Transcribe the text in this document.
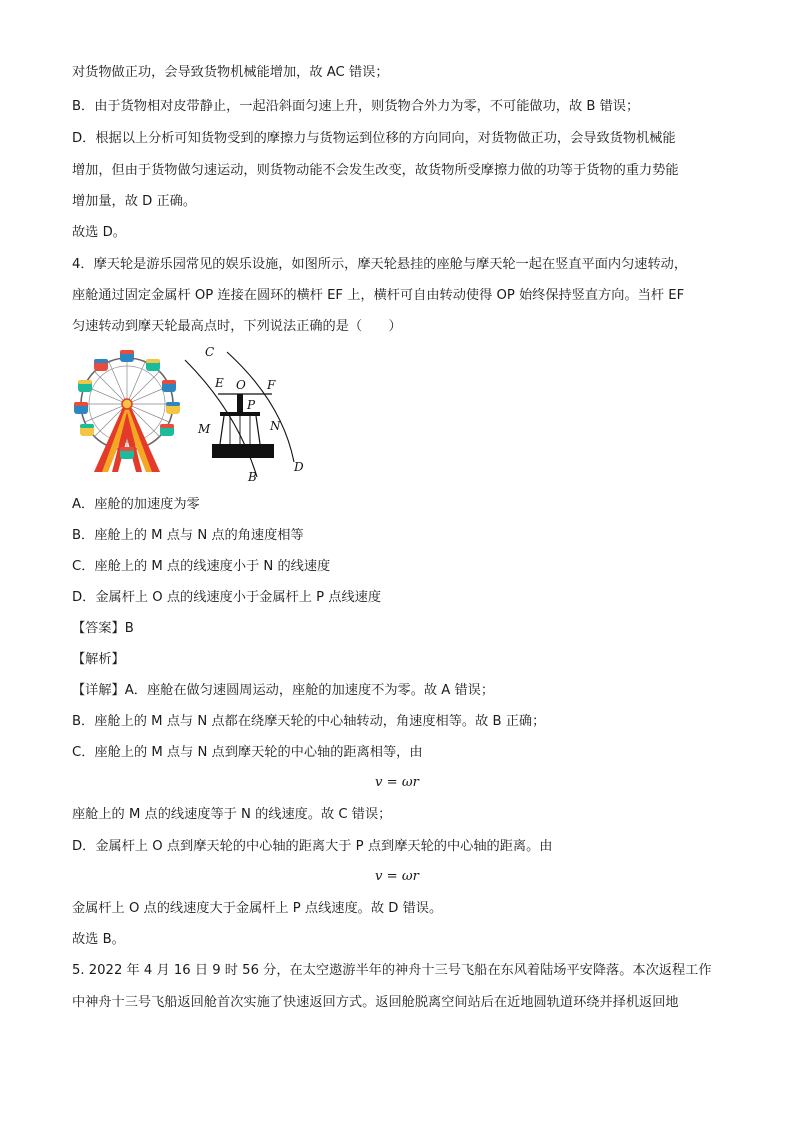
对货物做正功，会导致货物机械能增加，故 AC 错误；
B．由于货物相对皮带静止，一起沿斜面匀速上升，则货物合外力为零，不可能做功，故 B 错误；
D．根据以上分析可知货物受到的摩擦力与货物运到位移的方向同向，对货物做正功，会导致货物机械能
增加，但由于货物做匀速运动，则货物动能不会发生改变，故货物所受摩擦力做的功等于货物的重力势能
增加量，故 D 正确。
故选 D。
4．摩天轮是游乐园常见的娱乐设施，如图所示，摩天轮悬挂的座舱与摩天轮一起在竖直平面内匀速转动，
座舱通过固定金属杆 OP 连接在圆环的横杆 EF 上，横杆可自由转动使得 OP 始终保持竖直方向。当杆 EF
匀速转动到摩天轮最高点时，下列说法正确的是（　　）
C
E O F
P
M	N
B
D
A．座舱的加速度为零
B．座舱上的 M 点与 N 点的角速度相等
C．座舱上的 M 点的线速度小于 N 的线速度
D．金属杆上 O 点的线速度小于金属杆上 P 点线速度
【答案】B
【解析】
【详解】A．座舱在做匀速圆周运动，座舱的加速度不为零。故 A 错误；
B．座舱上的 M 点与 N 点都在绕摩天轮的中心轴转动，角速度相等。故 B 正确；
C．座舱上的 M 点与 N 点到摩天轮的中心轴的距离相等，由
v = ωr
座舱上的 M 点的线速度等于 N 的线速度。故 C 错误；
D．金属杆上 O 点到摩天轮的中心轴的距离大于 P 点到摩天轮的中心轴的距离。由
v = ωr
金属杆上 O 点的线速度大于金属杆上 P 点线速度。故 D 错误。
故选 B。
5. 2022 年 4 月 16 日 9 时 56 分，在太空遨游半年的神舟十三号飞船在东风着陆场平安降落。本次返程工作
中神舟十三号飞船返回舱首次实施了快速返回方式。返回舱脱离空间站后在近地圆轨道环绕并择机返回地
